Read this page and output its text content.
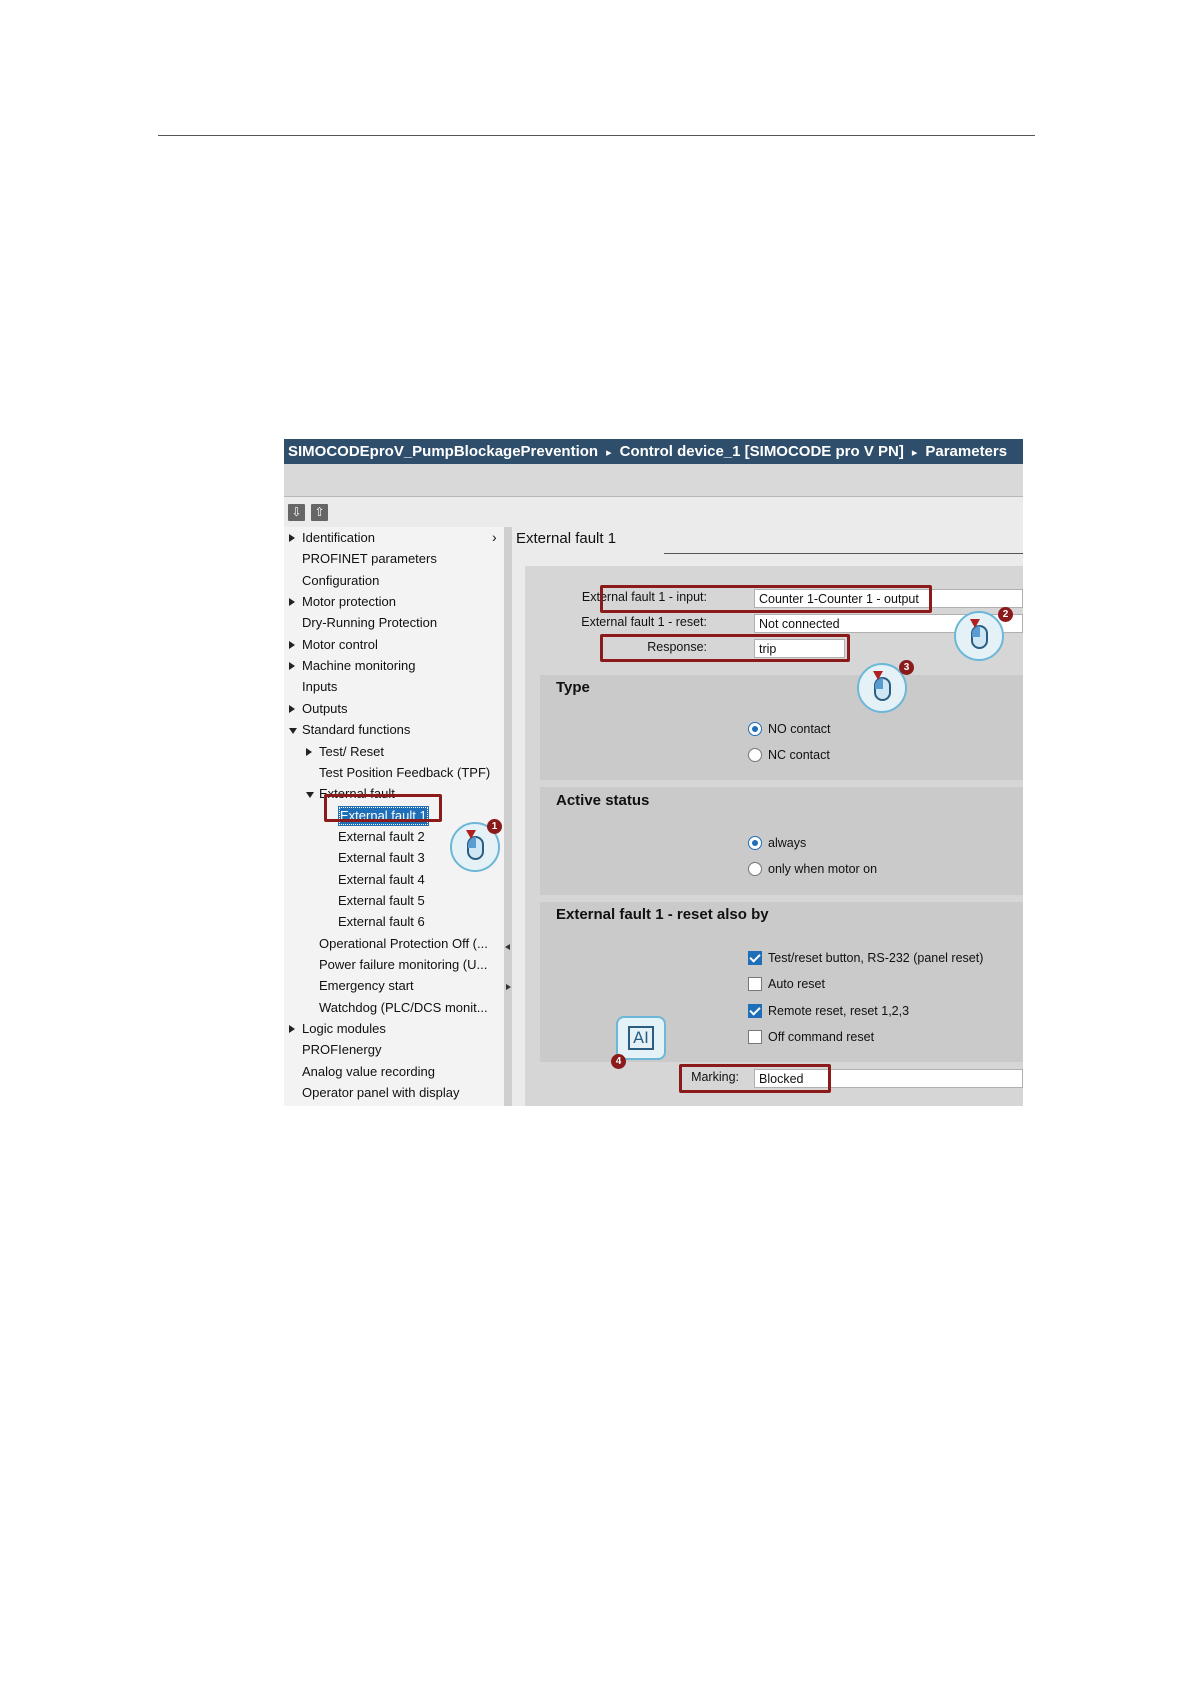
SIMOCODEproV_PumpBlockagePrevention ▸ Control device_1 [SIMOCODE pro V PN] ▸ Parameters
⇩ ⇧
Identification
PROFINET parameters
Configuration
Motor protection
Dry-Running Protection
Motor control
Machine monitoring
Inputs
Outputs
Standard functions
Test/ Reset
Test Position Feedback (TPF)
External fault
External fault 1
External fault 2
External fault 3
External fault 4
External fault 5
External fault 6
Operational Protection Off (...
Power failure monitoring (U...
Emergency start
Watchdog (PLC/DCS monit...
Logic modules
PROFIenergy
Analog value recording
Operator panel with display
› External fault 1
External fault 1 - input:	Counter 1-Counter 1 - output
External fault 1 - reset:	Not connected
Response:	trip
Type
NO contact
NC contact
Active status
always
only when motor on
External fault 1 - reset also by
Test/reset button, RS-232 (panel reset)
Auto reset
Remote reset, reset 1,2,3
Off command reset
Marking:	Blocked
1
2
3
AI
4
